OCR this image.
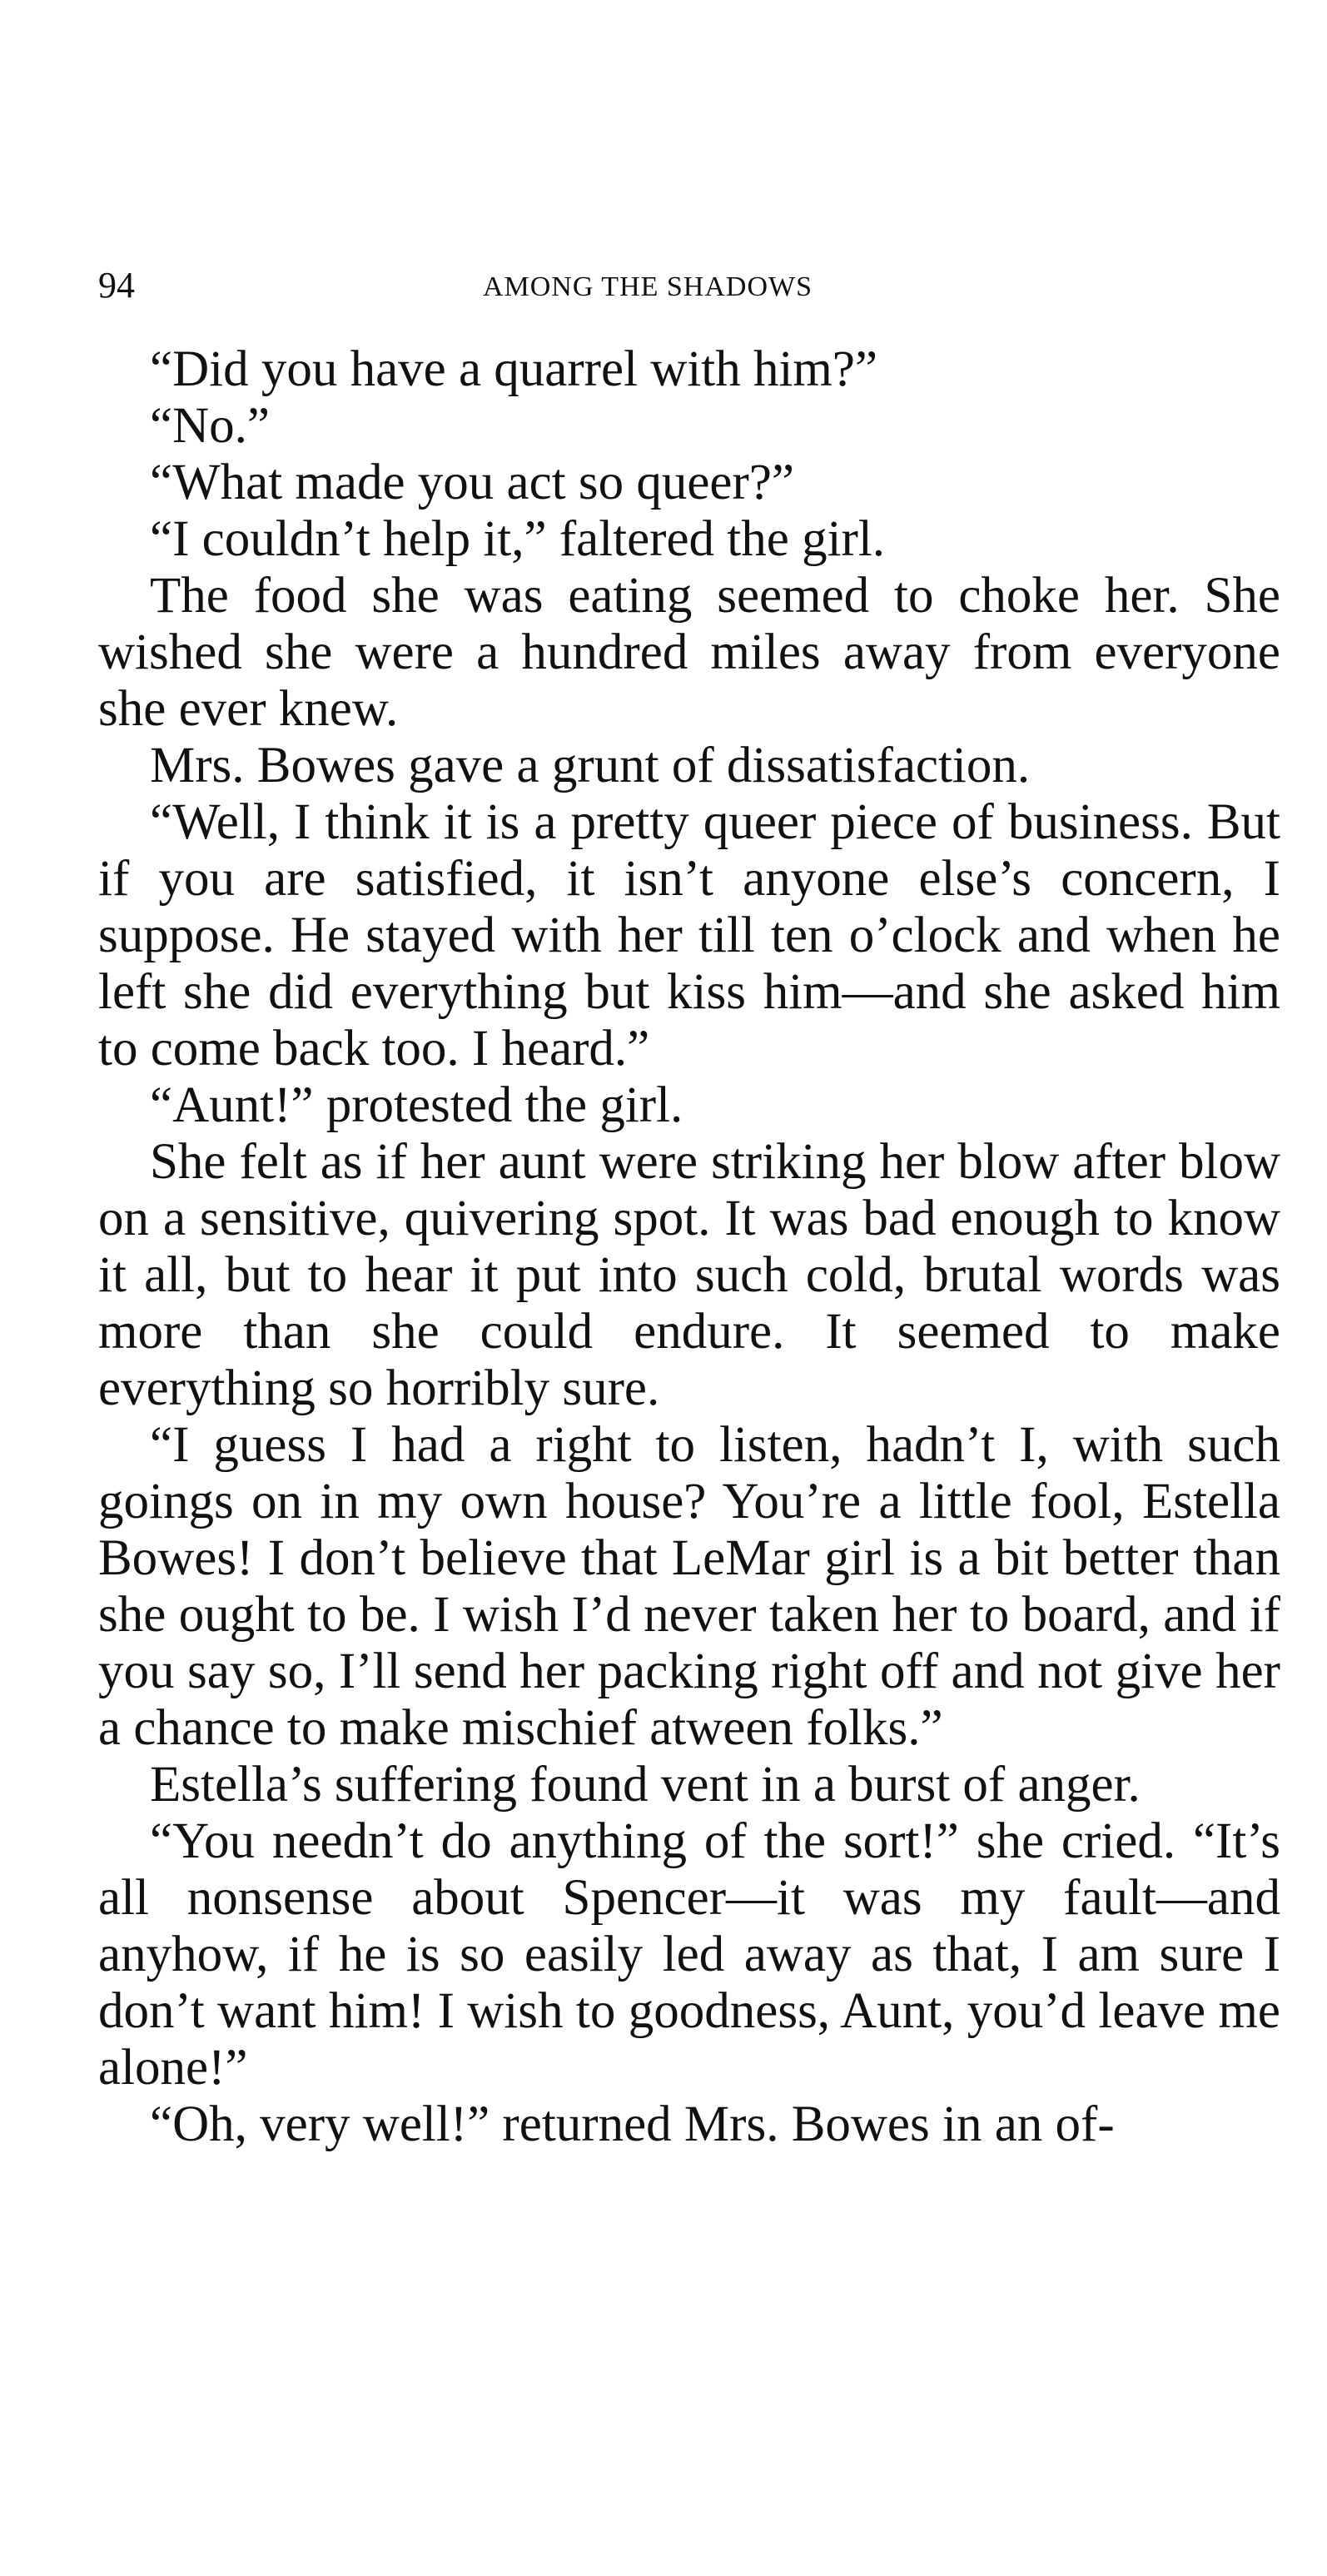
94	AMONG THE SHADOWS

“Did you have a quarrel with him?”

“No.”

“What made you act so queer?”

“I couldn’t help it,” faltered the girl.

The food she was eating seemed to choke her. She wished she were a hundred miles away from everyone she ever knew.

Mrs. Bowes gave a grunt of dissatisfaction.

“Well, I think it is a pretty queer piece of business. But if you are satisfied, it isn’t anyone else’s concern, I suppose. He stayed with her till ten o’clock and when he left she did everything but kiss him—and she asked him to come back too. I heard.”

“Aunt!” protested the girl.

She felt as if her aunt were striking her blow after blow on a sensitive, quivering spot. It was bad enough to know it all, but to hear it put into such cold, brutal words was more than she could endure. It seemed to make everything so horribly sure.

“I guess I had a right to listen, hadn’t I, with such goings on in my own house? You’re a little fool, Estella Bowes! I don’t believe that LeMar girl is a bit better than she ought to be. I wish I’d never taken her to board, and if you say so, I’ll send her packing right off and not give her a chance to make mischief atween folks.”

Estella’s suffering found vent in a burst of anger.

“You needn’t do anything of the sort!” she cried. “It’s all nonsense about Spencer—it was my fault—and anyhow, if he is so easily led away as that, I am sure I don’t want him! I wish to goodness, Aunt, you’d leave me alone!”

“Oh, very well!” returned Mrs. Bowes in an of-
